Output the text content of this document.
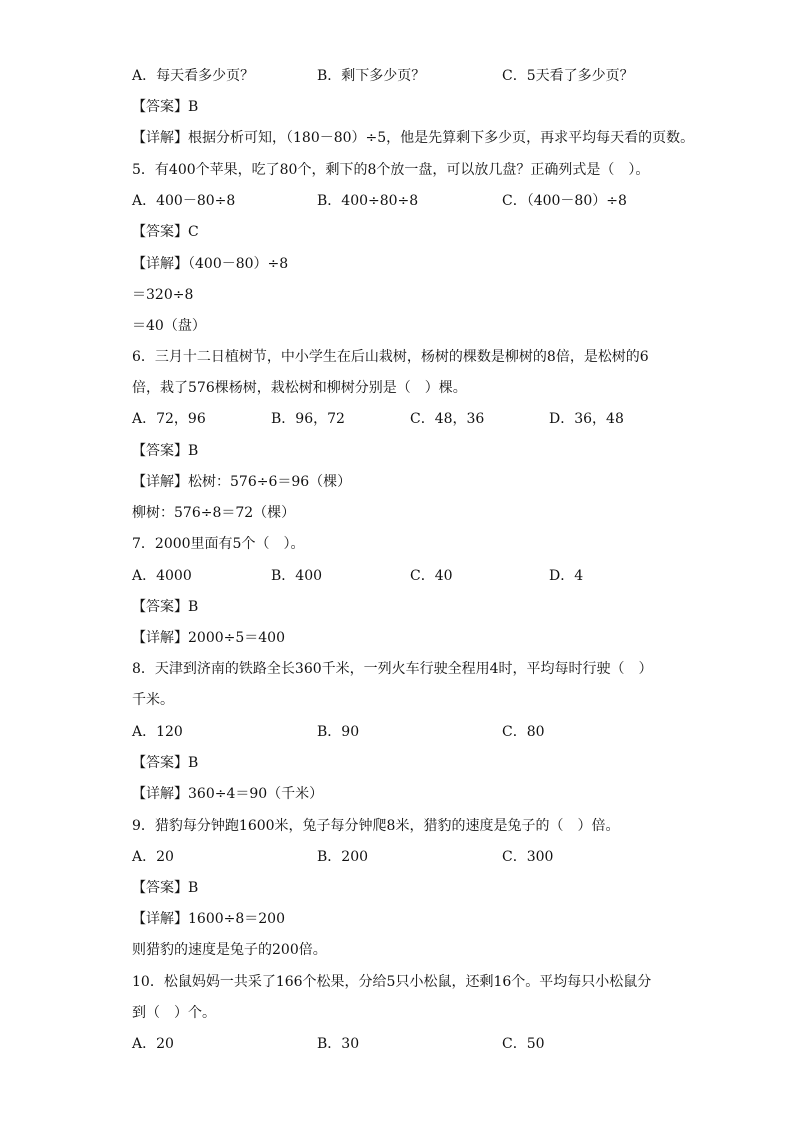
A．每天看多少页？	B．剩下多少页？	C．5天看了多少页？
【答案】B
【详解】根据分析可知，（180－80）÷5，他是先算剩下多少页，再求平均每天看的页数。
5．有400个苹果，吃了80个，剩下的8个放一盘，可以放几盘？正确列式是（　）。
A．400－80÷8	B．400÷80÷8	C．（400－80）÷8
【答案】C
【详解】（400－80）÷8
＝320÷8
＝40（盘）
6．三月十二日植树节，中小学生在后山栽树，杨树的棵数是柳树的8倍，是松树的6
倍，栽了576棵杨树，栽松树和柳树分别是（　）棵。
A．72，96	B．96，72	C．48，36	D．36，48
【答案】B
【详解】松树：576÷6＝96（棵）
柳树：576÷8＝72（棵）
7．2000里面有5个（　）。
A．4000	B．400	C．40	D．4
【答案】B
【详解】2000÷5＝400
8．天津到济南的铁路全长360千米，一列火车行驶全程用4时，平均每时行驶（　）
千米。
A．120	B．90	C．80
【答案】B
【详解】360÷4＝90（千米）
9．猎豹每分钟跑1600米，兔子每分钟爬8米，猎豹的速度是兔子的（　）倍。
A．20	B．200	C．300
【答案】B
【详解】1600÷8＝200
则猎豹的速度是兔子的200倍。
10．松鼠妈妈一共采了166个松果，分给5只小松鼠，还剩16个。平均每只小松鼠分
到（　）个。
A．20	B．30	C．50
